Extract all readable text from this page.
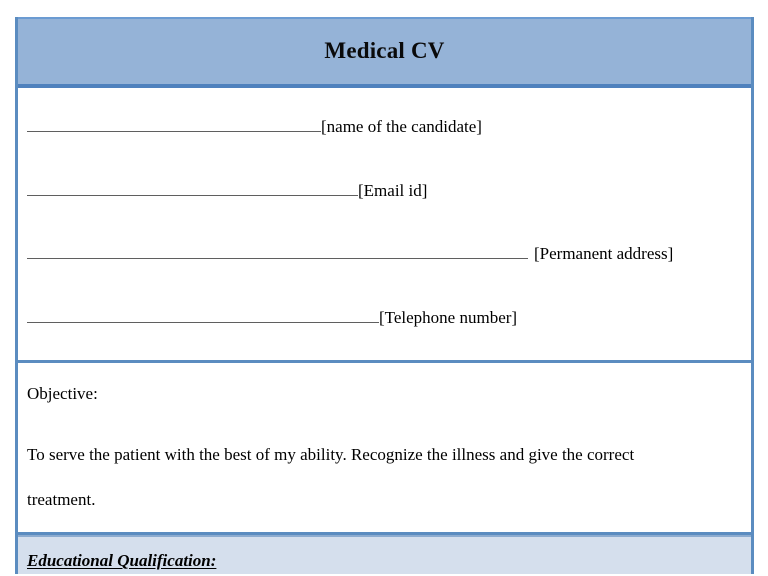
Medical CV
[name of the candidate]
[Email id]
[Permanent address]
[Telephone number]
Objective:
To serve the patient with the best of my ability. Recognize the illness and give the correct
treatment.
Educational Qualification:
